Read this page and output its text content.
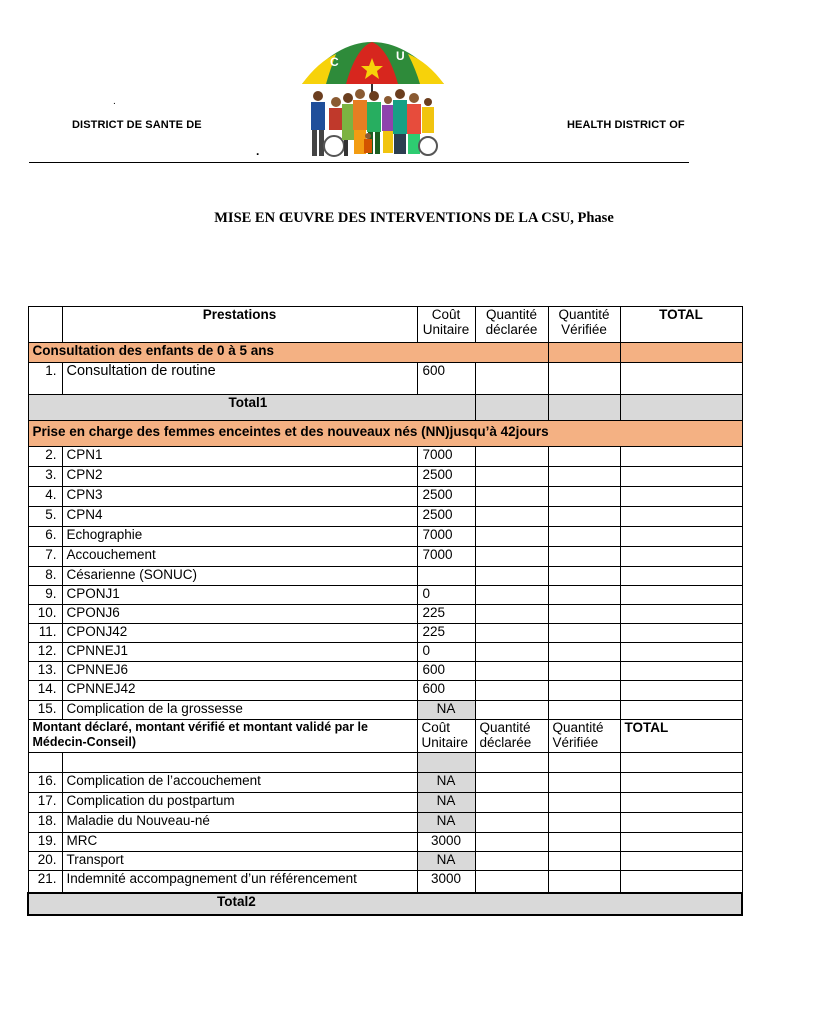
.
DISTRICT DE SANTE DE
.
HEALTH DISTRICT OF
C	U
MISE EN ŒUVRE DES INTERVENTIONS DE LA CSU, Phase
	Prestations	Coût Unitaire	Quantité déclarée	Quantité Vérifiée	TOTAL
Consultation des enfants de 0 à 5 ans					
1.	Consultation de routine	600			
Total1					
Prise en charge des femmes enceintes et des nouveaux nés (NN)jusqu’à 42jours					
2.	CPN1	7000			
3.	CPN2	2500			
4.	CPN3	2500			
5.	CPN4	2500			
6.	Echographie	7000			
7.	Accouchement	7000			
8.	Césarienne (SONUC)				
9.	CPONJ1	0			
10.	CPONJ6	225			
11.	CPONJ42	225			
12.	CPNNEJ1	0			
13.	CPNNEJ6	600			
14.	CPNNEJ42	600			
15.	Complication de la grossesse	NA			
Montant déclaré, montant vérifié et montant validé par le Médecin-Conseil)		Coût Unitaire	Quantité déclarée	Quantité Vérifiée	TOTAL

16.	Complication de l’accouchement	NA			
17.	Complication du postpartum	NA			
18.	Maladie du Nouveau-né	NA			
19.	MRC	3000			
20.	Transport	NA			
21.	Indemnité accompagnement d’un référencement	3000			
Total2					
